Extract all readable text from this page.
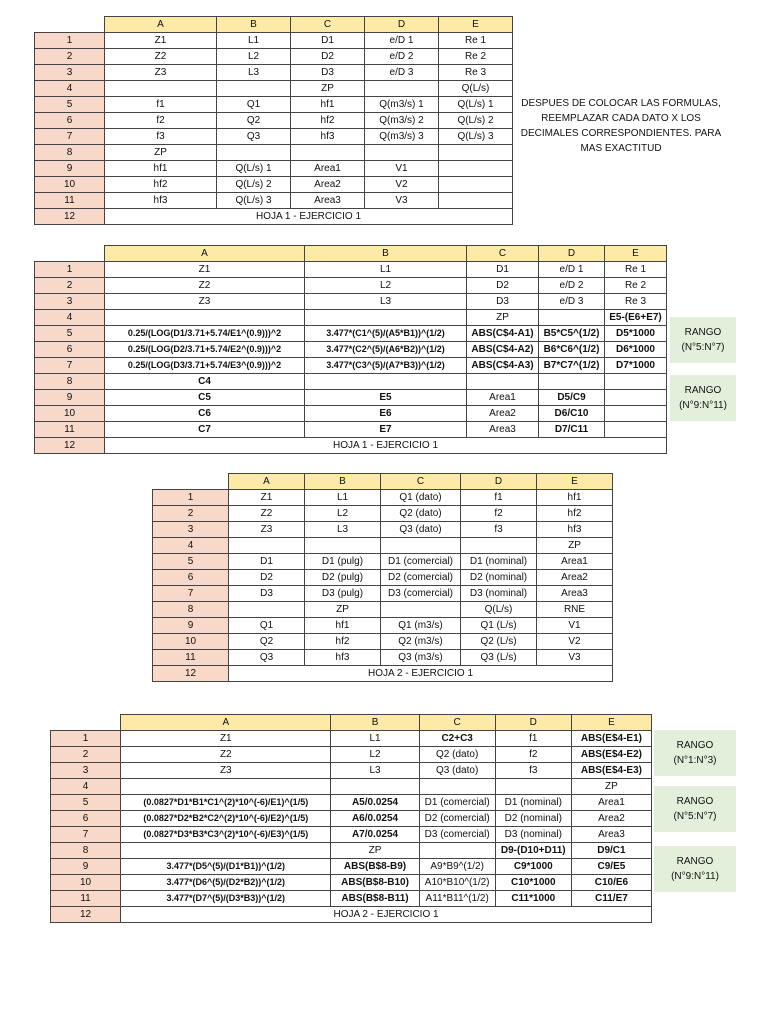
	A	B	C	D	E
1	Z1	L1	D1	e/D 1	Re 1
2	Z2	L2	D2	e/D 2	Re 2
3	Z3	L3	D3	e/D 3	Re 3
4			ZP		Q(L/s)
5	f1	Q1	hf1	Q(m3/s) 1	Q(L/s) 1
6	f2	Q2	hf2	Q(m3/s) 2	Q(L/s) 2
7	f3	Q3	hf3	Q(m3/s) 3	Q(L/s) 3
8	ZP				
9	hf1	Q(L/s) 1	Area1	V1	
10	hf2	Q(L/s) 2	Area2	V2	
11	hf3	Q(L/s) 3	Area3	V3	
12	HOJA 1 - EJERCICIO 1				
DESPUES DE COLOCAR LAS FORMULAS,
REEMPLAZAR CADA DATO X LOS
DECIMALES CORRESPONDIENTES. PARA
MAS EXACTITUD
	A	B	C	D	E
1	Z1	L1	D1	e/D 1	Re 1
2	Z2	L2	D2	e/D 2	Re 2
3	Z3	L3	D3	e/D 3	Re 3
4			ZP		E5-(E6+E7)
5	0.25/(LOG(D1/3.71+5.74/E1^(0.9)))^2	3.477*(C1^(5)/(A5*B1))^(1/2)	ABS(C$4-A1)	B5*C5^(1/2)	D5*1000
6	0.25/(LOG(D2/3.71+5.74/E2^(0.9)))^2	3.477*(C2^(5)/(A6*B2))^(1/2)	ABS(C$4-A2)	B6*C6^(1/2)	D6*1000
7	0.25/(LOG(D3/3.71+5.74/E3^(0.9)))^2	3.477*(C3^(5)/(A7*B3))^(1/2)	ABS(C$4-A3)	B7*C7^(1/2)	D7*1000
8	C4				
9	C5	E5	Area1	D5/C9	
10	C6	E6	Area2	D6/C10	
11	C7	E7	Area3	D7/C11	
12	HOJA 1 - EJERCICIO 1				
RANGO
(N°5:N°7)
RANGO
(N°9:N°11)
	A	B	C	D	E
1	Z1	L1	Q1 (dato)	f1	hf1
2	Z2	L2	Q2 (dato)	f2	hf2
3	Z3	L3	Q3 (dato)	f3	hf3
4					ZP
5	D1	D1 (pulg)	D1 (comercial)	D1 (nominal)	Area1
6	D2	D2 (pulg)	D2 (comercial)	D2 (nominal)	Area2
7	D3	D3 (pulg)	D3 (comercial)	D3 (nominal)	Area3
8		ZP		Q(L/s)	RNE
9	Q1	hf1	Q1 (m3/s)	Q1 (L/s)	V1
10	Q2	hf2	Q2 (m3/s)	Q2 (L/s)	V2
11	Q3	hf3	Q3 (m3/s)	Q3 (L/s)	V3
12	HOJA 2 - EJERCICIO 1				
	A	B	C	D	E
1	Z1	L1	C2+C3	f1	ABS(E$4-E1)
2	Z2	L2	Q2 (dato)	f2	ABS(E$4-E2)
3	Z3	L3	Q3 (dato)	f3	ABS(E$4-E3)
4					ZP
5	(0.0827*D1*B1*C1^(2)*10^(-6)/E1)^(1/5)	A5/0.0254	D1 (comercial)	D1 (nominal)	Area1
6	(0.0827*D2*B2*C2^(2)*10^(-6)/E2)^(1/5)	A6/0.0254	D2 (comercial)	D2 (nominal)	Area2
7	(0.0827*D3*B3*C3^(2)*10^(-6)/E3)^(1/5)	A7/0.0254	D3 (comercial)	D3 (nominal)	Area3
8		ZP		D9-(D10+D11)	D9/C1
9	3.477*(D5^(5)/(D1*B1))^(1/2)	ABS(B$8-B9)	A9*B9^(1/2)	C9*1000	C9/E5
10	3.477*(D6^(5)/(D2*B2))^(1/2)	ABS(B$8-B10)	A10*B10^(1/2)	C10*1000	C10/E6
11	3.477*(D7^(5)/(D3*B3))^(1/2)	ABS(B$8-B11)	A11*B11^(1/2)	C11*1000	C11/E7
12	HOJA 2 - EJERCICIO 1				
RANGO
(N°1:N°3)
RANGO
(N°5:N°7)
RANGO
(N°9:N°11)
